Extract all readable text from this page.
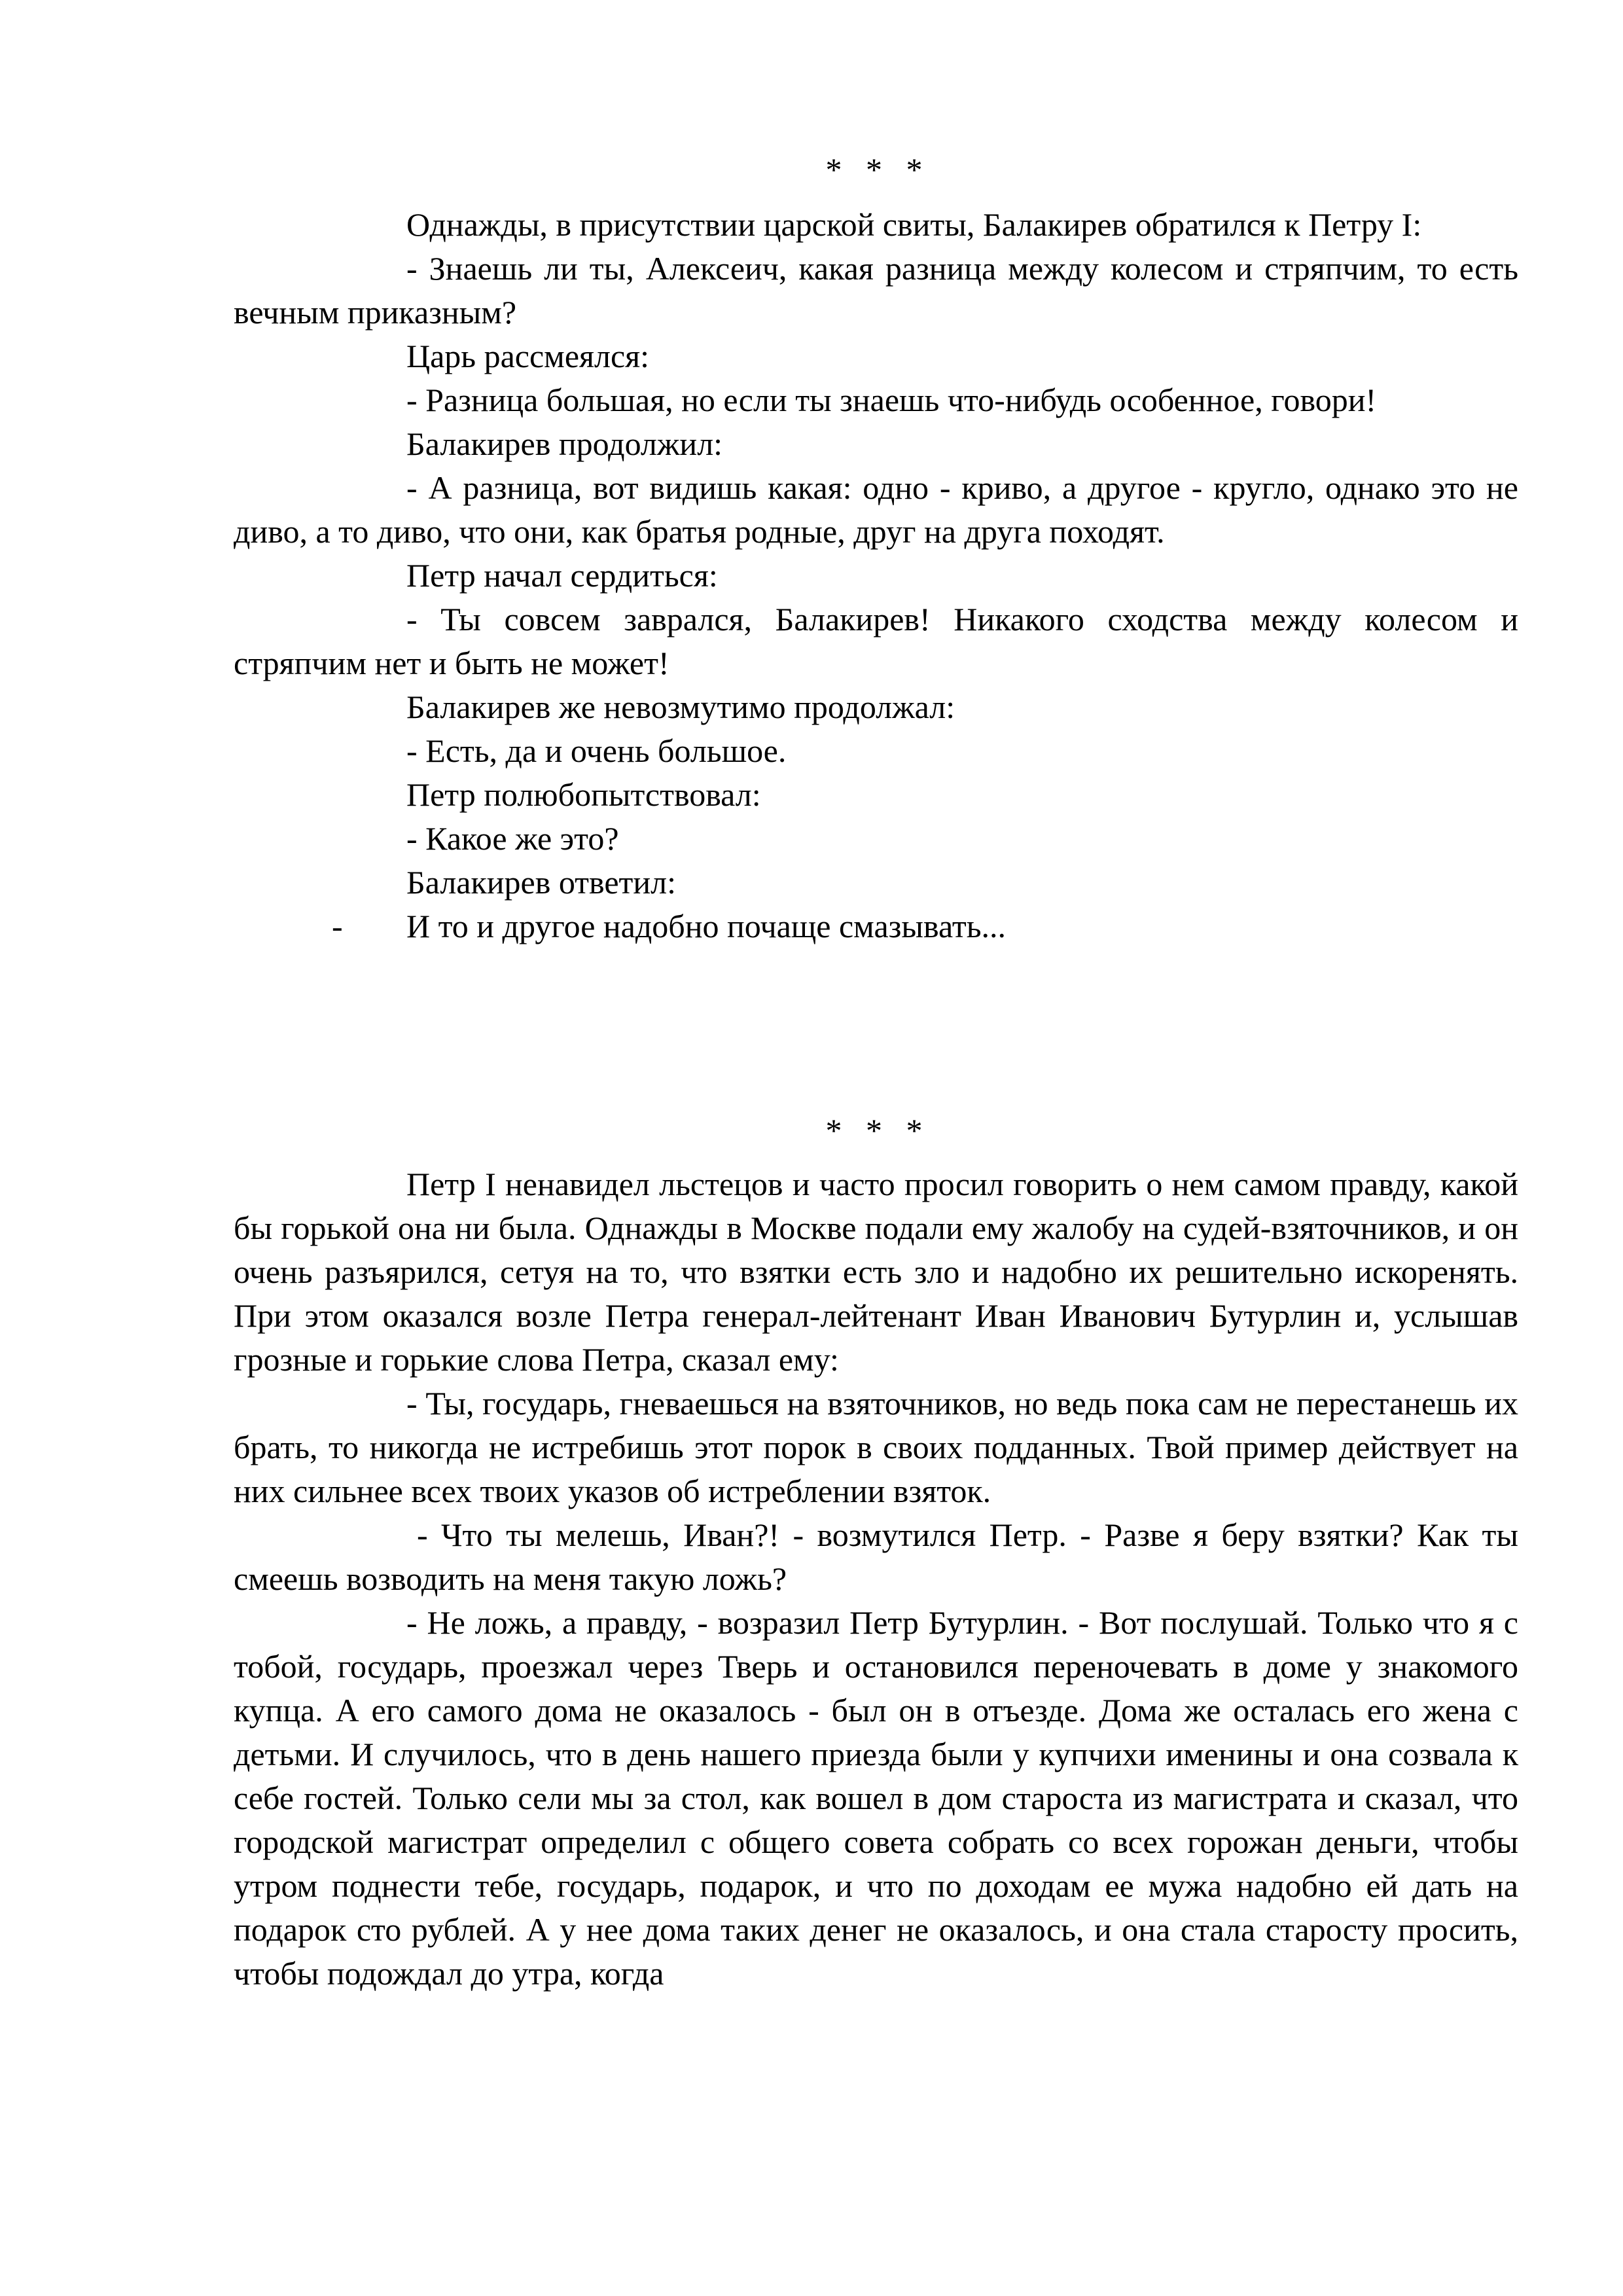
* * *

Однажды, в присутствии царской свиты, Балакирев обратился к Петру I:

- Знаешь ли ты, Алексеич, какая разница между колесом и стряпчим, то есть вечным приказным?

Царь рассмеялся:

- Разница большая, но если ты знаешь что-нибудь особенное, говори!

Балакирев продолжил:

- А разница, вот видишь какая: одно - криво, а другое - кругло, однако это не диво, а то диво, что они, как братья родные, друг на друга походят.

Петр начал сердиться:

- Ты совсем заврался, Балакирев! Никакого сходства между колесом и стряпчим нет и быть не может!

Балакирев же невозмутимо продолжал:

- Есть, да и очень большое.

Петр полюбопытствовал:

- Какое же это?

Балакирев ответил:

- И то и другое надобно почаще смазывать...

* * *

Петр I ненавидел льстецов и часто просил говорить о нем самом правду, какой бы горькой она ни была. Однажды в Москве подали ему жалобу на судей-взяточников, и он очень разъярился, сетуя на то, что взятки есть зло и надобно их решительно искоренять. При этом оказался возле Петра генерал-лейтенант Иван Иванович Бутурлин и, услышав грозные и горькие слова Петра, сказал ему:

- Ты, государь, гневаешься на взяточников, но ведь пока сам не перестанешь их брать, то никогда не истребишь этот порок в своих подданных. Твой пример действует на них сильнее всех твоих указов об истреблении взяток.

- Что ты мелешь, Иван?! - возмутился Петр. - Разве я беру взятки? Как ты смеешь возводить на меня такую ложь?

- Не ложь, а правду, - возразил Петр Бутурлин. - Вот послушай. Только что я с тобой, государь, проезжал через Тверь и остановился переночевать в доме у знакомого купца. А его самого дома не оказалось - был он в отъезде. Дома же осталась его жена с детьми. И случилось, что в день нашего приезда были у купчихи именины и она созвала к себе гостей. Только сели мы за стол, как вошел в дом староста из магистрата и сказал, что городской магистрат определил с общего совета собрать со всех горожан деньги, чтобы утром поднести тебе, государь, подарок, и что по доходам ее мужа надобно ей дать на подарок сто рублей. А у нее дома таких денег не оказалось, и она стала старосту просить, чтобы подождал до утра, когда
